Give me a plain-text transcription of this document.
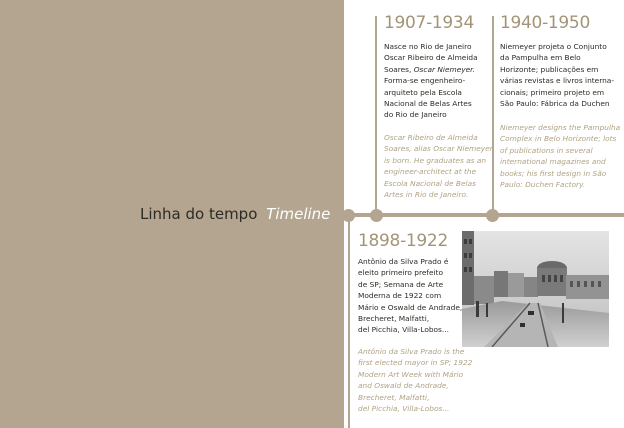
Linha do tempo Timeline
1907-1934
Nasce no Rio de Janeiro
Oscar Ribeiro de Almeida
Soares, Oscar Niemeyer.
Forma-se engenheiro-
arquiteto pela Escola
Nacional de Belas Artes
do Rio de Janeiro
Oscar Ribeiro de Almeida
Soares, alias Oscar Niemeyer
is born. He graduates as an
engineer-architect at the
Escola Nacional de Belas
Artes in Rio de Janeiro.
1940-1950
Niemeyer projeta o Conjunto
da Pampulha em Belo
Horizonte; publicações em
várias revistas e livros interna-
cionais; primeiro projeto em
São Paulo: Fábrica da Duchen
Niemeyer designs the Pampulha
Complex in Belo Horizonte; lots
of publications in several
international magazines and
books; his first design in São
Paulo: Duchen Factory.
1898-1922
Antônio da Silva Prado é
eleito primeiro prefeito
de SP; Semana de Arte
Moderna de 1922 com
Mário e Oswald de Andrade,
Brecheret, Malfatti,
del Picchia, Villa-Lobos...
Antônio da Silva Prado is the
first elected mayor in SP; 1922
Modern Art Week with Mário
and Oswald de Andrade,
Brecheret, Malfatti,
del Picchia, Villa-Lobos...
